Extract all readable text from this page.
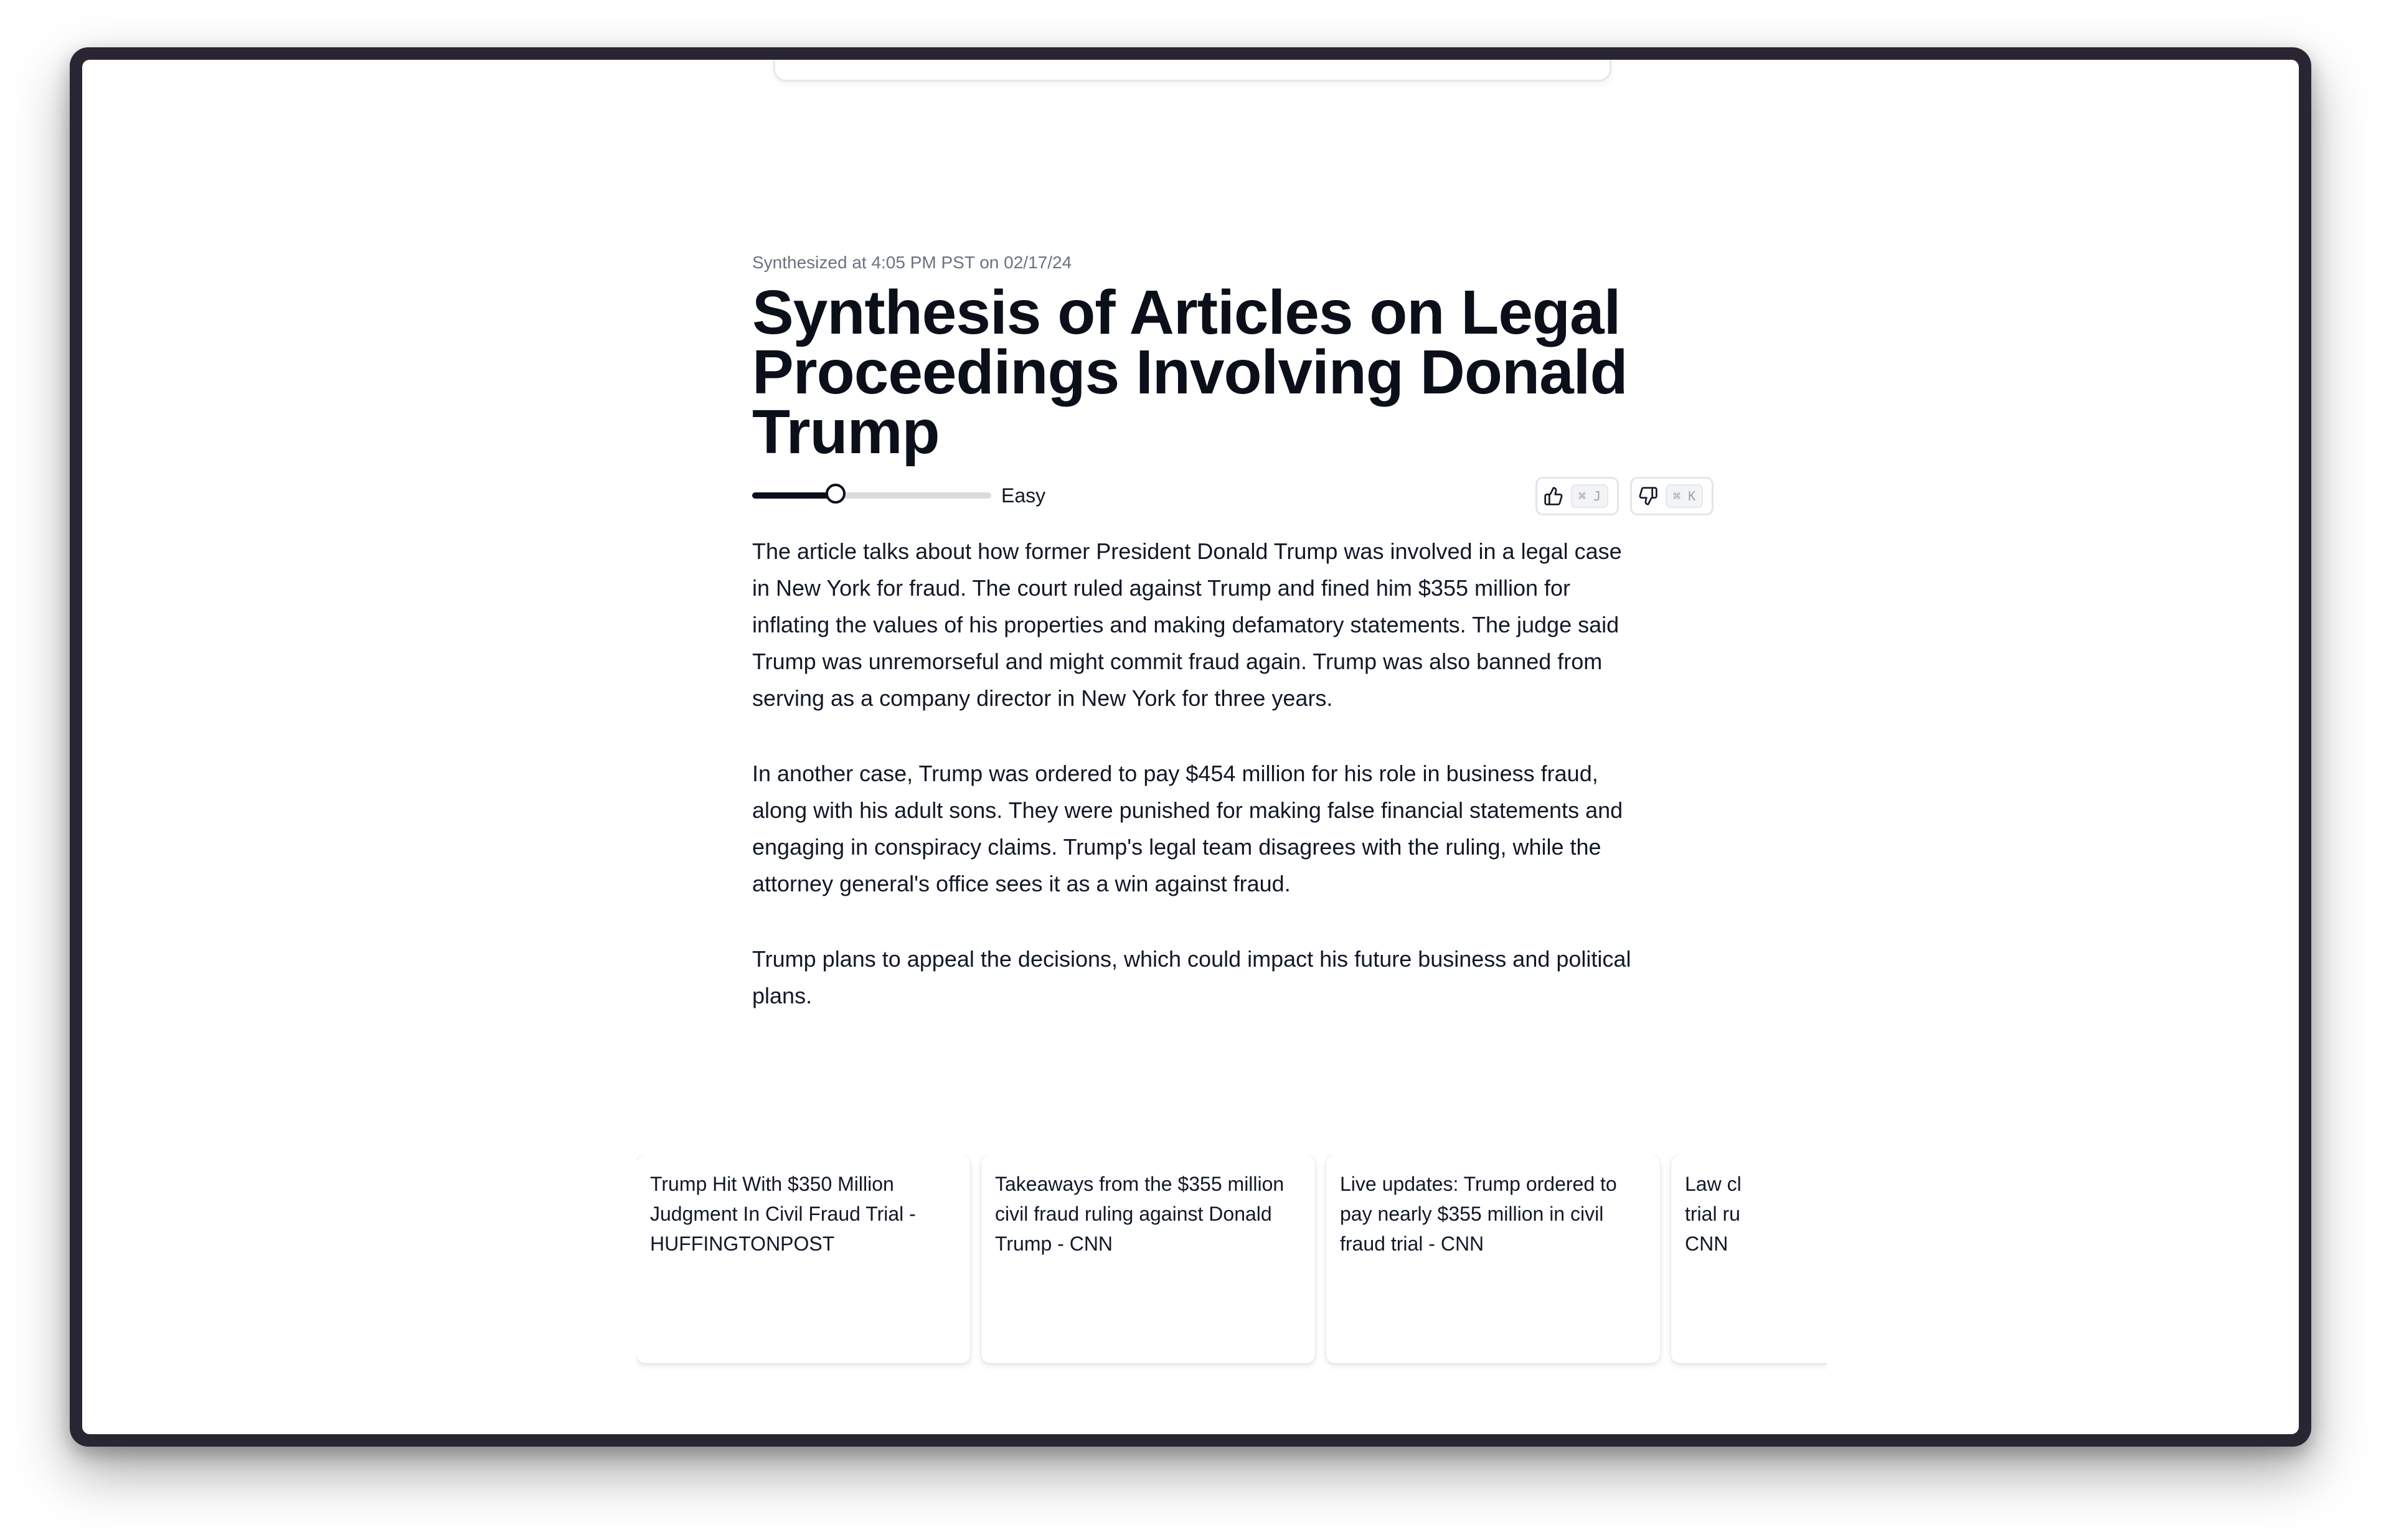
Synthesized at 4:05 PM PST on 02/17/24

Synthesis of Articles on Legal Proceedings Involving Donald Trump
Easy	⌘ J	⌘ K

The article talks about how former President Donald Trump was involved in a legal case in New York for fraud. The court ruled against Trump and fined him $355 million for inflating the values of his properties and making defamatory statements. The judge said Trump was unremorseful and might commit fraud again. Trump was also banned from serving as a company director in New York for three years.

In another case, Trump was ordered to pay $454 million for his role in business fraud, along with his adult sons. They were punished for making false financial statements and engaging in conspiracy claims. Trump's legal team disagrees with the ruling, while the attorney general's office sees it as a win against fraud.

Trump plans to appeal the decisions, which could impact his future business and political plans.

Trump Hit With $350 Million Judgment In Civil Fraud Trial - HUFFINGTONPOST
Takeaways from the $355 million civil fraud ruling against Donald Trump - CNN
Live updates: Trump ordered to pay nearly $355 million in civil fraud trial - CNN
Law cl trial ru CNN
